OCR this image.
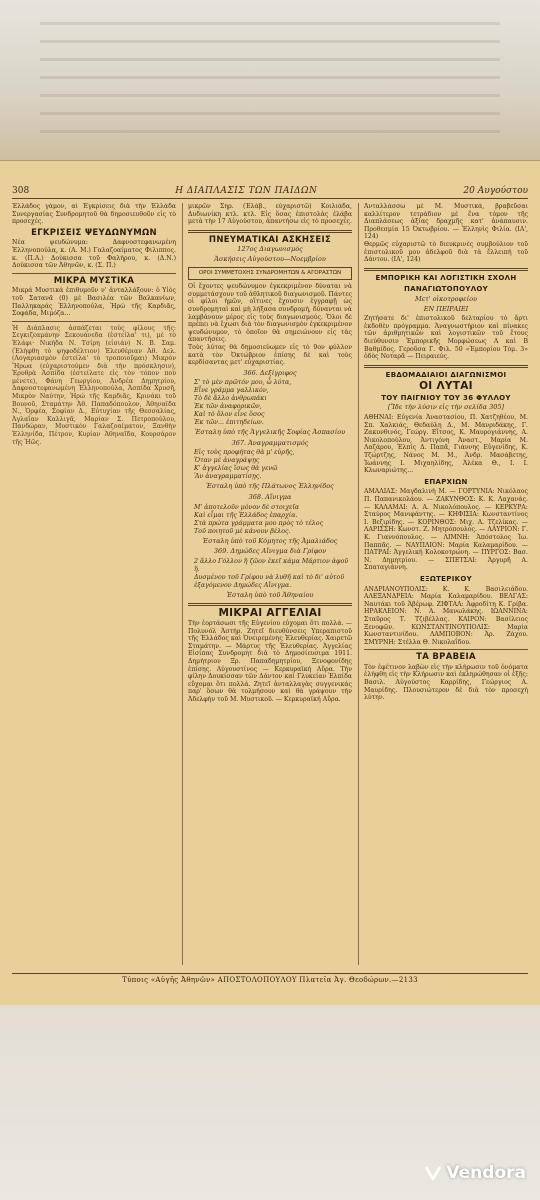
308	Η ΔΙΑΠΛΑΣΙΣ ΤΩΝ ΠΑΙΔΩΝ	20 Αυγούστου

Ἐλλάδος γάμον, αἱ Ἐγκρίσεις διὰ τὴν Ἑλλάδα Συνεργασίας Συνδρομητοῦ θὰ δημοσιευθοῦν εἰς τὸ προσεχές.

ΕΓΚΡΙΣΕΙΣ ΨΕΥΔΩΝΥΜΩΝ

Νέα ψευδώνυμα: Δαφνοστεφανωμένη Ἐλληνοπούλα, κ. (Α. Μ.) Γαλαζοαίματος Φιλιππος. κ. (Π.Α.) Δούκισσα τοῦ Φαλήρου, κ. (Δ.Ν.) Δούκισσα τῶν Ἀθηνῶν, κ. (Σ. Π.)

ΜΙΚΡΑ ΜΥΣΤΙΚΑ

Μικρά Μυστικά ἐπιθυμοῦν ν' ἀνταλλάξουν: ὁ Υἱὸς τοῦ Σατανᾶ (0) μὲ Βασιλέα τῶν Βαλκανίων, Παλληκαράς Ἑλληνοπούλα, Ἡρώ τῆς Καρδιᾶς, Σοφάδα, Μιμόζα...

Ἡ Διάπλασις ἀσπάζεται τοὺς φίλους τῆς: Σεγκιζεαμάνην Σεκουάνεδα (ἐστείλα' τι), μὲ τὸ Ἐλάφι· Νικήδα Ν. Τσίρη (εἰσιάν) Ν. Β. Σαμ. (Ἐλήφθη τὸ ψηφοδέλτιον) Ἐλευθέριαν Ἀθ. Δελ. (Λογαριασμὸν ἐστείλα' τὸ τροποιοῦμαι) Μικρόν Ἥρωα (εὐχαριστούμεν διὰ τὴν πρόσκλησιν), Ἐρυθρὰ Ἀσπίδα (ἐστείλατε εἰς τὸν τόπον ποὺ μένετε), Φάνη Γεωργίου, Ἀνδρέα Δημητρίου, Δαφνοστεφανωμένη Ἐλληνοπούλα, Ἀσπίδα Χρυσῆ, Μικρὸν Ναύτην, Ἡρώ τῆς Καρδιᾶς, Κρινάκι τοῦ Βουνοῦ, Σταμάτην Ἀθ. Παπαδόπουλον, Ἀθηναϊδα Ν., Ὀρφέα, Σοφίαν Δ., Εὐτυχίαν τῆς Θεσσαλίας, Ἀγλαΐαν Καλλιγᾶ, Μαρίαν Σ. Πετροπούλου, Πανδώραν, Μυστικὸν Γαλαζοαίματον, Ξανθὴν Ἑλληνίδα, Πέτρον, Κυρίαν Ἀθηναῖδα, Κουρσάρον τῆς Ἠῶς.

μικρῶν Σηρ. (Ἐλάβ., εὐχαριστῶ) Κοιλιάδα, Δυδιωνίκη κτλ. κτλ. Εἰς ὅσας ἐπιστολὰς ἐλάβα μετὰ τὴν 17 Αὐγούστου, ἀπαντήσω εἰς τὸ προσεχές.

ΠΝΕΥΜΑΤΙΚΑΙ ΑΣΚΗΣΕΙΣ
127ος Διαγωνισμός
Ἀσκήσεις Αὐγούστου—Νοεμβρίου
ΟΡΟΙ ΣΥΜΜΕΤΟΧΗΣ ΣΥΝΔΡΟΜΗΤΩΝ & ΑΓΟΡΑΣΤΩΝ

Οἱ ἔχοντες ψευδώνυμον ἐγκεκριμένον δύναται νὰ συμμετάσχουν τοῦ ἀθλητικοῦ διαγωνισμοῦ. Πάντες οἱ φίλοι ἡμῶν, οἵτινες ἔχουσιν ἐγγραφῇ ὡς συνδρομηταὶ καὶ μὴ λήξασα συνδρομή, δύνανται νὰ λαμβάνουν μέρος εἰς τοὺς διαγωνισμούς. Ὅλοι δὲ πρέπει νὰ ἔχωσι διὰ τὸν διαγωνισμὸν ἐγκεκριμένον ψευδώνυμον, τὸ ὁποῖον θὰ σημειώνουν εἰς τὰς ἀπαντήσεις.

Τοὺς λύτας θὰ δημοσιεύωμεν εἰς τὸ 9ον φύλλον κατὰ τὸν Ὀκτώβριον ἐπίσης δὲ καὶ τοὺς κερδίσαντας μετ' εὐχαριστίας.

366. Δεξίγριφος
Σ' τὸ μὲν πρῶτόν μου, ὦ λύτα,
Εἶνε γράμμα γαλλικόν,
Τὸ δὲ ἄλλο ἀνθρωπάκι
Ἐκ τῶν ἀναφορικῶν,
Καὶ τὸ ὅλον εἶνε ὅσος
Ἐκ τῶν... ἐπιτηδείων.
Ἐσταλη ὑπὸ τῆς Ἀγγελικῆς Σοφίας Ἀσπασίου
367. Ἀναγραμματισμός
Εἰς τοὺς προφήτας θὰ μ' εὐρῆς,
Ὅταν μὲ ἀναγράψῃς
Κ' ἀγγελίας ἴσως θὰ γενῶ
Ἂν ἀναγραμματίσῃς.
Ἐσταλη ὑπὸ τῆς Πλάτωνος Ἑλληνίδος
368. Αἴνιγμα
Μ' ἀποτελοῦν μόνον δὲ στοιχεῖα
Καὶ εἶμαι τῆς Ἑλλάδος ἐπαρχία.
Στὰ πρώτα γράμματα μου πρὸς τὸ τέλος
Τοῦ ποιητοῦ μὲ κάνουν βέλος.
Ἐσταλη ὑπὸ τοῦ Κόμητος τῆς Ἀμαλιάδος
369. Δημώδες Αἴνιγμα διὰ Γρίφον
2 ἄλλο Γόλλον ἢ ζῶον ἐκεῖ κάμα Μάρτιον ἀφοῦ ἥ.
Δυσμένου τοῦ Γρίφου νὰ λυθῆ καὶ τὸ δι' αὐτοῦ ἐξαγόμενον Δημώδες Αἴνιγμα.
Ἐσταλη ὑπὸ τοῦ Ἀθηναίου
ΜΙΚΡΑΙ ΑΓΓΕΛΙΑΙ

Τὴν ἑορτάσωσι τῆς Εὐγενίου εὐχομαι ὅτι πολλά. — Πολυνόλ Ἀστήρ. Ζητεῖ διευθύνσεις Υπεραπιστοῦ τῆς Ἑλλάδος καὶ Ὀνειρεμένης Ἐλευθερίας. Χαιρετῶ Σταμάτην. — Μάρτυς τῆς Ἐλευθερίας. Ἀγγελίας Εἰσίπας Συνδρομητ διὰ τὸ Δημοσίευσιμα 1911. Δημήτριον Ξρ. Παπαδημητρίου, Ξενοφονίδης ἐπίσης. Αὐγουστίνος — Κερκυραϊκή Αὔρα. Τὴν φίλην Δουκίσσαν τῶν Δάντον καὶ Γλυκείαν Ἐλπίδα εὔχομαι ὅτι πολλά. Ζητεῖ ἀνταλλαγὰς συγγενικάς παρ' ὅσων θὰ τολμήσουν καὶ θὰ γράψουν τὴν Ἀδελφὴν τοῦ Μ. Μυστικοῦ. — Κερκυραϊκή Αὔρα.

Ἀνταλλάσσω μὲ Μ. Μυστικά, βραβεῦσαι καλλίτερον τετράδιον μὲ ἕνα τόμον τῆς Διαπλάσεως ἀξίας δραχμῆς κατ' ἀνάπαυσιν. Προθεσμία 15 Ὀκτωβρίου. — Ἑλληνὶς Φιλία. (ΙΑ', 124)

Θερμῶς εὐχαριστῶ τὸ διευκρινὲς συμβούλιον τοῦ ἐπιστολικοῦ μου ἀδελφοῦ διὰ τὰ ἔλλειπή τοῦ Δάντου. (ΙΑ', 124)

ΕΜΠΟΡΙΚΗ ΚΑΙ ΛΟΓΙΣΤΙΚΗ ΣΧΟΛΗ
ΠΑΝΑΓΙΩΤΟΠΟΥΛΟΥ
Μετ' οἰκοτροφείου
ΕΝ ΠΕΙΡΑΙΕΙ

Ζητήσατε δι' ἐπιστολικοῦ δελταρίου τὸ ἄρτι ἐκδοθὲν πρόγραμμα. Ἀναγνωστήριον καὶ πίνακες τῶν ἀριθμητικῶν καὶ λογιστικῶν τοῦ ἔτους διεύθυνσιν Ἐμπορικῆς Μορφώσεως Α καὶ Β Βαθμίδος. Γεροῦσα Γ. Φιλ. 50 «Ἐμπορίου Τόμ. 3» ὁδὸς Νοταρᾶ — Πειραιεύς.

ΕΒΔΟΜΑΔΙΑΙΟΙ ΔΙΑΓΩΝΙΣΜΟΙ
ΟΙ ΛΥΤΑΙ
ΤΟΥ ΠΑΙΓΝΙΟΥ ΤΟΥ 36 ΦΥΛΛΟΥ
[Ἴδε τὴν λύσιν εἰς τὴν σελίδα 305]

ΑΘΗΝΑΙ: Εὐγενία Ἀναστασίου, Π. Χατζηθέου, Μ. Σπ. Χαλκιάς, Θεδαύλη Δ., Μ. Μανριδάκης, Γ. Ζακυνθινός, Γεώργ. Εἴτσος, Κ. Μαυρογιάννης, Α. Νικολοπούλου, Ἀντιγόνη Ἀναστ., Μαρία Μ. Λαζάρου, Ἐλπίς Δ. Παπᾶ, Γιάννης Εὐγενίδης, Κ. Τζώρτζης, Νάνος Μ. Μ., Ἀνδρ. Μασάβετης, Ἰωάννης Ι. Μιχαηλίδης, Ἀλέκα Θ., Ι. Ι. Κλωναριώτης...

ΕΠΑΡΧΙΩΝ

ΑΜΑΛΙΑΣ: Μαγδαλινὴ Μ. — ΓΟΡΤΥΝΙΑ: Νικόλαος Π. Παπανικολάου. — ΖΑΚΥΝΘΟΣ: Κ. Κ. Λαχανάς. — ΚΑΛΑΜΑΙ: Α. Α. Νικολόπουλος. — ΚΕΡΚΥΡΑ: Σταύρος Μανιφάντης. — ΚΗΦΙΣΙΑ: Κωνσταντίνος Ι. Βεζιρίδης. — ΚΟΡΙΝΘΟΣ: Μιχ. Α. Τζελίκας. — ΛΑΡΙΣΣΗ: Κωνστ. Ζ. Μητρόπουλος. — ΛΑΥΡΙΟΝ: Γ. Κ. Γιαννόπουλος. — ΛΙΜΝΗ: Ἀπόστολος Ἰω. Παππᾶς. — ΝΑΥΠΛΙΟΝ: Μαρία Καλαμαρίδου. — ΠΑΤΡΑΙ: Ἀγγελική Κολοκοτρώνη. — ΠΥΡΓΟΣ: Βασ. Ν. Δημητρίου. — ΣΠΕΤΣΑΙ: Ἀργυρῆ Α. Σπαταγιάννη.

ΕΞΩΤΕΡΙΚΟΥ

ΑΝΔΡΙΑΝΟΥΠΟΛΙΣ: Κ. Κ. Βασιλειάδου. ΑΛΕΞΑΝΔΡΕΙΑ: Μαρία Καλαμαρίδου. ΒΕΛΓΑΣ: Ναυτάκι τοῦ Ἀβέρωφ. ΖΙΦΤΑΛ: Ἀφροδίτη Κ. Γρίβα. ΗΡΑΚΛΕΙΟΝ: Ν. Α. Μανωλάκης. ΙΩΑΝΝΙΝΑ: Σταῦρος Τ. Τζιβέλλας. ΚΑΙΡΟΝ: Βασίλειος Ξενοφῶν. ΚΩΝΣΤΑΝΤΙΝΟΥΠΟΛΙΣ: Μαρία Κωνσταντινίδου. ΛΑΜΠΟΒΟΝ: Ἀρ. Ζάχου. ΣΜΥΡΝΗ: Στέλλα Θ. Νικολαΐδου.

ΤΑ ΒΡΑΒΕΙΑ

Τὸν ἐφέτινον λαβὼν εἰς τὴν κλήρωσιν τοῦ ὀνόματα ἐλήφθη εἰς τὴν Κλήρωσιν καὶ ἐκληρώθησαν οἱ ἑξῆς: Βασιλ. Αὐγούστος Καρρίδης, Γεώργιος Α. Μαυρίδης. Πλουσιώτερον δὲ διὰ τὸν προσεχή λύτην.

Τύποις «Αὐγῆς Ἀθηνῶν» ΑΠΟΣΤΟΛΟΠΟΥΛΟΥ Πλατεῖα Ἁγ. Θεοδώρων.—2133
Vendora
